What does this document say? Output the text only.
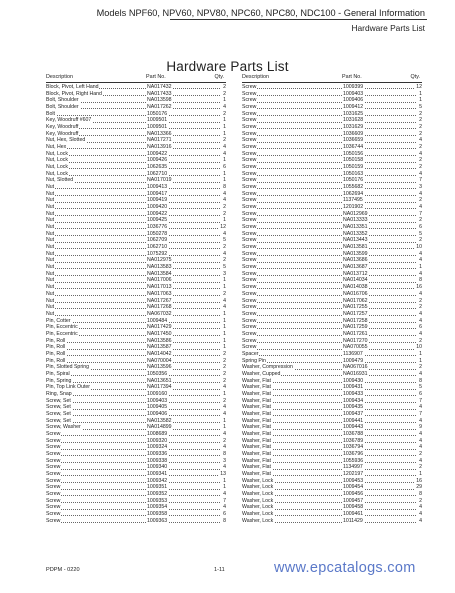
Models NPF60, NPV60, NPV80, NPC60, NPC80, NDC100 - General Information
Hardware Parts List
Hardware Parts List
Description	Part No.	Qty.
Block, Pivot, Left Hand	NA017432	2
Block, Pivot, Right Hand	NA017433	2
Bolt, Shoulder	NA013598	1
Bolt, Shoulder	NA017262	4
Bolt	1050176	2
Key, Woodruff #607	1009501	1
Key, Woodruff	1009501	1
Key, Woodruff	NA013366	1
Nut, Hex, Slotted	NA017271	2
Nut, Hex	NA013916	4
Nut, Lock	1009422	4
Nut, Lock	1009426	1
Nut, Lock	1062635	6
Nut, Lock	1062710	1
Nut, Slotted	NA017019	1
Nut	1009413	8
Nut	1009417	4
Nut	1009419	4
Nut	1009420	2
Nut	1009422	2
Nut	1009425	1
Nut	1036776	12
Nut	1050278	4
Nut	1062709	5
Nut	1062710	2
Nut	1075292	4
Nut	NA012975	2
Nut	NA013583	5
Nut	NA013584	3
Nut	NA017006	1
Nut	NA017013	1
Nut	NA017063	2
Nut	NA017267	4
Nut	NA017268	4
Nut	NA067032	1
Pin, Cotter	1009484	1
Pin, Eccentric	NA017429	1
Pin, Eccentric	NA017450	1
Pin, Roll	NA013586	1
Pin, Roll	NA013587	1
Pin, Roll	NA014042	2
Pin, Roll	NA070004	2
Pin, Slotted Spring	NA013596	2
Pin, Spiral	1050356	2
Pin, Spring	NA013651	2
Pin, Top Link Outer	NA017394	4
Ring, Snap	1009160	1
Screw, Set	1009403	2
Screw, Set	1009405	4
Screw, Set	1009406	4
Screw, Set	NA013582	1
Screw, Washer	NA014899	1
Screw	1008689	4
Screw	1009320	2
Screw	1009324	4
Screw	1009336	8
Screw	1009338	3
Screw	1009340	4
Screw	1009341	13
Screw	1009342	1
Screw	1009351	1
Screw	1009352	4
Screw	1009353	7
Screw	1009354	4
Screw	1009358	6
Screw	1009363	8
Description	Part No.	Qty.
Screw	1009399	12
Screw	1009403	1
Screw	1009406	1
Screw	1009412	5
Screw	1031625	2
Screw	1031628	2
Screw	1031629	2
Screw	1036609	2
Screw	1036659	4
Screw	1036744	2
Screw	1050156	4
Screw	1050158	2
Screw	1050159	2
Screw	1050163	4
Screw	1050176	7
Screw	1055682	3
Screw	1062694	4
Screw	1137495	2
Screw	1201902	4
Screw	NA012969	7
Screw	NA013333	2
Screw	NA013351	6
Screw	NA013352	5
Screw	NA013443	2
Screw	NA013581	10
Screw	NA013599	4
Screw	NA013686	4
Screw	NA013687	1
Screw	NA013712	4
Screw	NA014034	8
Screw	NA014038	16
Screw	NA016706	4
Screw	NA017062	2
Screw	NA017255	2
Screw	NA017257	4
Screw	NA017258	4
Screw	NA017259	6
Screw	NA017261	4
Screw	NA017270	2
Screw	NA070055	10
Spacer	1136907	1
Spring Pin	1009479	1
Washer, Compression	NA067016	2
Washer, Cupped	NA016931	4
Washer, Flat	1009430	8
Washer, Flat	1009431	5
Washer, Flat	1009433	6
Washer, Flat	1009434	7
Washer, Flat	1009435	4
Washer, Flat	1009437	7
Washer, Flat	1009441	4
Washer, Flat	1009443	9
Washer, Flat	1036788	4
Washer, Flat	1036789	4
Washer, Flat	1036794	4
Washer, Flat	1036796	2
Washer, Flat	1055936	4
Washer, Flat	1134997	2
Washer, Flat	1202197	1
Washer, Lock	1009453	16
Washer, Lock	1009454	29
Washer, Lock	1009456	8
Washer, Lock	1009457	2
Washer, Lock	1009458	4
Washer, Lock	1009461	4
Washer, Lock	1011429	4
PDPM - 0220	1-11	www.epcatalogs.com
